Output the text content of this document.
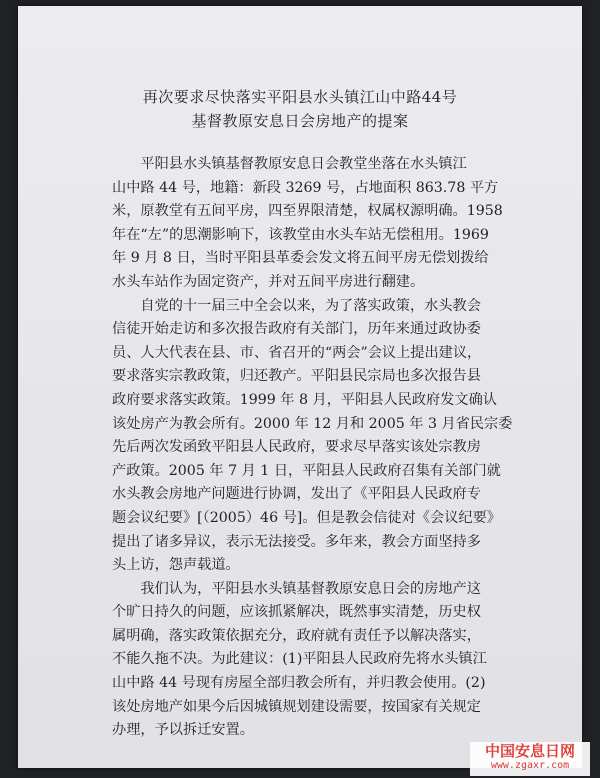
再次要求尽快落实平阳县水头镇江山中路44号
基督教原安息日会房地产的提案
平阳县水头镇基督教原安息日会教堂坐落在水头镇江
山中路 44 号，地籍：新段 3269 号，占地面积 863.78 平方
米，原教堂有五间平房，四至界限清楚，权属权源明确。1958
年在“左”的思潮影响下，该教堂由水头车站无偿租用。1969
年 9 月 8 日，当时平阳县革委会发文将五间平房无偿划拨给
水头车站作为固定资产，并对五间平房进行翻建。
自党的十一届三中全会以来，为了落实政策，水头教会
信徒开始走访和多次报告政府有关部门，历年来通过政协委
员、人大代表在县、市、省召开的“两会”会议上提出建议，
要求落实宗教政策，归还教产。平阳县民宗局也多次报告县
政府要求落实政策。1999 年 8 月，平阳县人民政府发文确认
该处房产为教会所有。2000 年 12 月和 2005 年 3 月省民宗委
先后两次发函致平阳县人民政府，要求尽早落实该处宗教房
产政策。2005 年 7 月 1 日，平阳县人民政府召集有关部门就
水头教会房地产问题进行协调，发出了《平阳县人民政府专
题会议纪要》[（2005）46 号]。但是教会信徒对《会议纪要》
提出了诸多异议，表示无法接受。多年来，教会方面坚持多
头上访，怨声载道。
我们认为，平阳县水头镇基督教原安息日会的房地产这
个旷日持久的问题，应该抓紧解决，既然事实清楚，历史权
属明确，落实政策依据充分，政府就有责任予以解决落实，
不能久拖不决。为此建议：(1)平阳县人民政府先将水头镇江
山中路 44 号现有房屋全部归教会所有，并归教会使用。(2)
该处房地产如果今后因城镇规划建设需要，按国家有关规定
办理，予以拆迁安置。
中国安息日网
www.zgaxr.com
